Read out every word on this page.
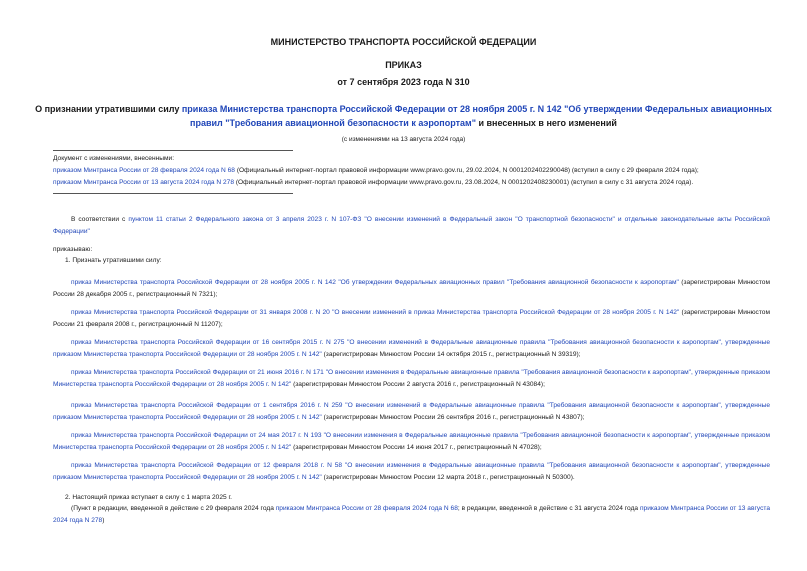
МИНИСТЕРСТВО ТРАНСПОРТА РОССИЙСКОЙ ФЕДЕРАЦИИ
ПРИКАЗ
от 7 сентября 2023 года N 310
О признании утратившими силу приказа Министерства транспорта Российской Федерации от 28 ноября 2005 г. N 142 "Об утверждении Федеральных авиационных правил "Требования авиационной безопасности к аэропортам" и внесенных в него изменений
(с изменениями на 13 августа 2024 года)
Документ с изменениями, внесенными:
приказом Минтранса России от 28 февраля 2024 года N 68 (Официальный интернет-портал правовой информации www.pravo.gov.ru, 29.02.2024, N 0001202402290048) (вступил в силу с 29 февраля 2024 года);
приказом Минтранса России от 13 августа 2024 года N 278 (Официальный интернет-портал правовой информации www.pravo.gov.ru, 23.08.2024, N 0001202408230001) (вступил в силу с 31 августа 2024 года).
В соответствии с пунктом 11 статьи 2 Федерального закона от 3 апреля 2023 г. N 107-ФЗ "О внесении изменений в Федеральный закон "О транспортной безопасности" и отдельные законодательные акты Российской Федерации"
приказываю:
1. Признать утратившими силу:
приказ Министерства транспорта Российской Федерации от 28 ноября 2005 г. N 142 "Об утверждении Федеральных авиационных правил "Требования авиационной безопасности к аэропортам" (зарегистрирован Минюстом России 28 декабря 2005 г., регистрационный N 7321);
приказ Министерства транспорта Российской Федерации от 31 января 2008 г. N 20 "О внесении изменений в приказ Министерства транспорта Российской Федерации от 28 ноября 2005 г. N 142" (зарегистрирован Минюстом России 21 февраля 2008 г., регистрационный N 11207);
приказ Министерства транспорта Российской Федерации от 16 сентября 2015 г. N 275 "О внесении изменений в Федеральные авиационные правила "Требования авиационной безопасности к аэропортам", утвержденные приказом Министерства транспорта Российской Федерации от 28 ноября 2005 г. N 142" (зарегистрирован Минюстом России 14 октября 2015 г., регистрационный N 39319);
приказ Министерства транспорта Российской Федерации от 21 июня 2016 г. N 171 "О внесении изменения в Федеральные авиационные правила "Требования авиационной безопасности к аэропортам", утвержденные приказом Министерства транспорта Российской Федерации от 28 ноября 2005 г. N 142" (зарегистрирован Минюстом России 2 августа 2016 г., регистрационный N 43084);
приказ Министерства транспорта Российской Федерации от 1 сентября 2016 г. N 259 "О внесении изменений в Федеральные авиационные правила "Требования авиационной безопасности к аэропортам", утвержденные приказом Министерства транспорта Российской Федерации от 28 ноября 2005 г. N 142" (зарегистрирован Минюстом России 26 сентября 2016 г., регистрационный N 43807);
приказ Министерства транспорта Российской Федерации от 24 мая 2017 г. N 193 "О внесении изменения в Федеральные авиационные правила "Требования авиационной безопасности к аэропортам", утвержденные приказом Министерства транспорта Российской Федерации от 28 ноября 2005 г. N 142" (зарегистрирован Минюстом России 14 июня 2017 г., регистрационный N 47028);
приказ Министерства транспорта Российской Федерации от 12 февраля 2018 г. N 58 "О внесении изменения в Федеральные авиационные правила "Требования авиационной безопасности к аэропортам", утвержденные приказом Министерства транспорта Российской Федерации от 28 ноября 2005 г. N 142" (зарегистрирован Минюстом России 12 марта 2018 г., регистрационный N 50300).
2. Настоящий приказ вступает в силу с 1 марта 2025 г.
(Пункт в редакции, введенной в действие с 29 февраля 2024 года приказом Минтранса России от 28 февраля 2024 года N 68; в редакции, введенной в действие с 31 августа 2024 года приказом Минтранса России от 13 августа 2024 года N 278)
